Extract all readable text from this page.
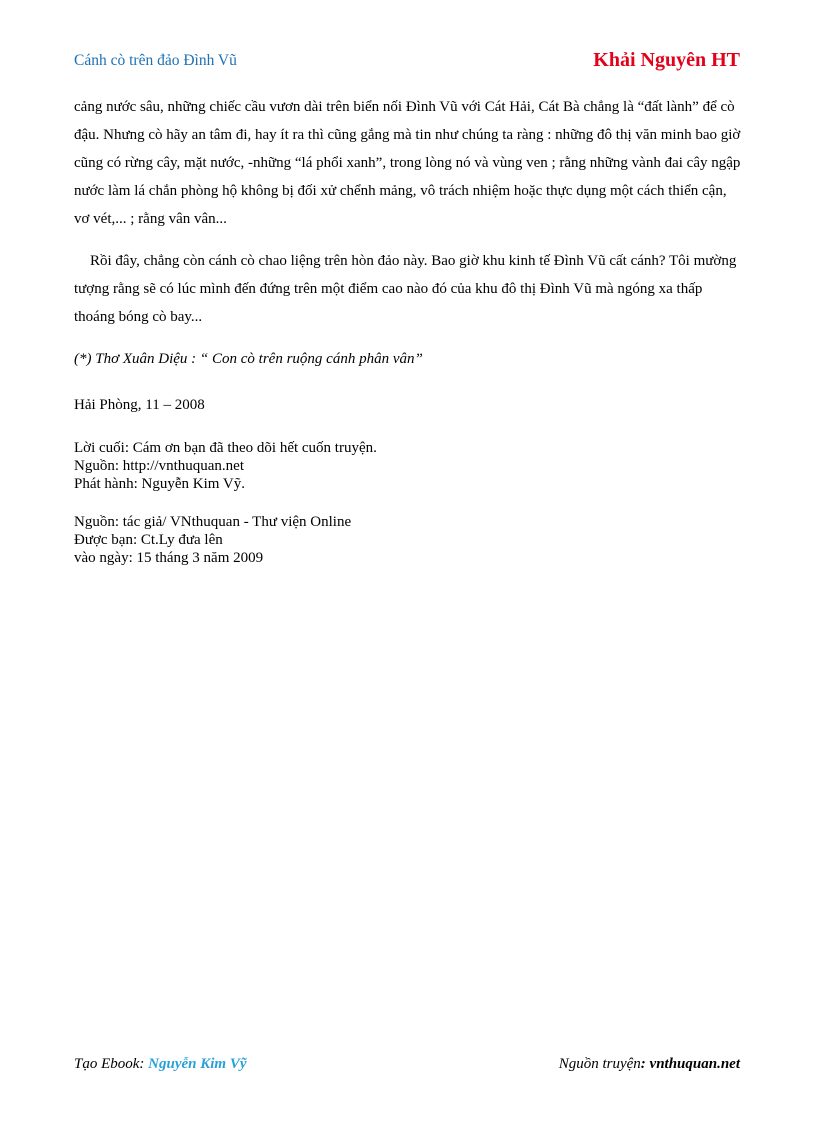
Cánh cò trên đảo Đình Vũ	Khải Nguyên HT

cảng nước sâu, những chiếc cầu vươn dài trên biển nối Đình Vũ với Cát Hải, Cát Bà chẳng là “đất lành” để cò đậu. Nhưng cò hãy an tâm đi, hay ít ra thì cũng gắng mà tin như chúng ta ràng : những đô thị văn minh bao giờ cũng có rừng cây, mặt nước, -những “lá phổi xanh”, trong lòng nó và vùng ven ; rằng những vành đai cây ngập nước làm lá chắn phòng hộ không bị đối xử chểnh mảng, vô trách nhiệm hoặc thực dụng một cách thiển cận, vơ vét,... ; rằng vân vân...

Rồi đây, chẳng còn cánh cò chao liệng trên hòn đảo này. Bao giờ khu kinh tế Đình Vũ cất cánh? Tôi mường tượng rằng sẽ có lúc mình đến đứng trên một điểm cao nào đó của khu đô thị Đình Vũ mà ngóng xa thấp thoáng bóng cò bay...

(*) Thơ Xuân Diệu : “ Con cò trên ruộng cánh phân vân”

Hải Phòng, 11 – 2008

Lời cuối: Cám ơn bạn đã theo dõi hết cuốn truyện.
Nguồn: http://vnthuquan.net
Phát hành: Nguyễn Kim Vỹ.
Nguồn: tác giả/ VNthuquan - Thư viện Online
Được bạn: Ct.Ly đưa lên
vào ngày: 15 tháng 3 năm 2009
Tạo Ebook: Nguyễn Kim Vỹ	Nguồn truyện: vnthuquan.net
